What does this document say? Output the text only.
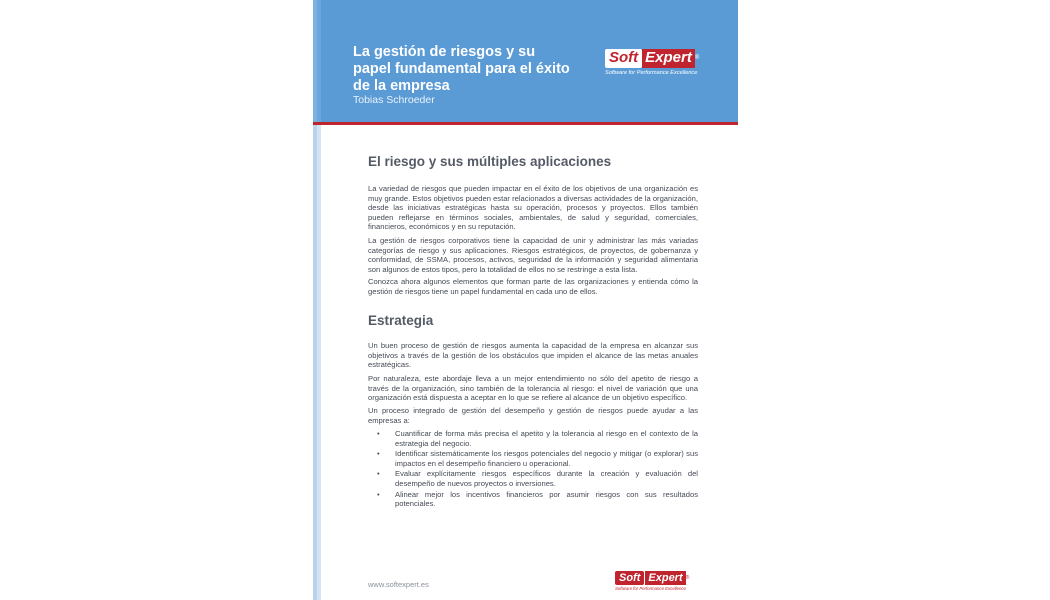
La gestión de riesgos y su papel fundamental para el éxito de la empresa

Tobias Schroeder

Soft Expert ®
Software for Performance Excellence
El riesgo y sus múltiples aplicaciones

La variedad de riesgos que pueden impactar en el éxito de los objetivos de una organización es muy grande. Estos objetivos pueden estar relacionados a diversas actividades de la organización, desde las iniciativas estratégicas hasta su operación, procesos y proyectos. Ellos también pueden reflejarse en términos sociales, ambientales, de salud y seguridad, comerciales, financieros, económicos y en su reputación.

La gestión de riesgos corporativos tiene la capacidad de unir y administrar las más variadas categorías de riesgo y sus aplicaciones. Riesgos estratégicos, de proyectos, de gobernanza y conformidad, de SSMA, procesos, activos, seguridad de la información y seguridad alimentaria son algunos de estos tipos, pero la totalidad de ellos no se restringe a esta lista.

Conozca ahora algunos elementos que forman parte de las organizaciones y entienda cómo la gestión de riesgos tiene un papel fundamental en cada uno de ellos.

Estrategia

Un buen proceso de gestión de riesgos aumenta la capacidad de la empresa en alcanzar sus objetivos a través de la gestión de los obstáculos que impiden el alcance de las metas anuales estratégicas.

Por naturaleza, este abordaje lleva a un mejor entendimiento no sólo del apetito de riesgo a través de la organización, sino también de la tolerancia al riesgo: el nivel de variación que una organización está dispuesta a aceptar en lo que se refiere al alcance de un objetivo específico.

Un proceso integrado de gestión del desempeño y gestión de riesgos puede ayudar a las empresas a:

• Cuantificar de forma más precisa el apetito y la tolerancia al riesgo en el contexto de la estrategia del negocio.
• Identificar sistemáticamente los riesgos potenciales del negocio y mitigar (o explorar) sus impactos en el desempeño financiero u operacional.
• Evaluar explícitamente riesgos específicos durante la creación y evaluación del desempeño de nuevos proyectos o inversiones.
• Alinear mejor los incentivos financieros por asumir riesgos con sus resultados potenciales.

www.softexpert.es

Soft Expert ®
Software for Performance Excellence
